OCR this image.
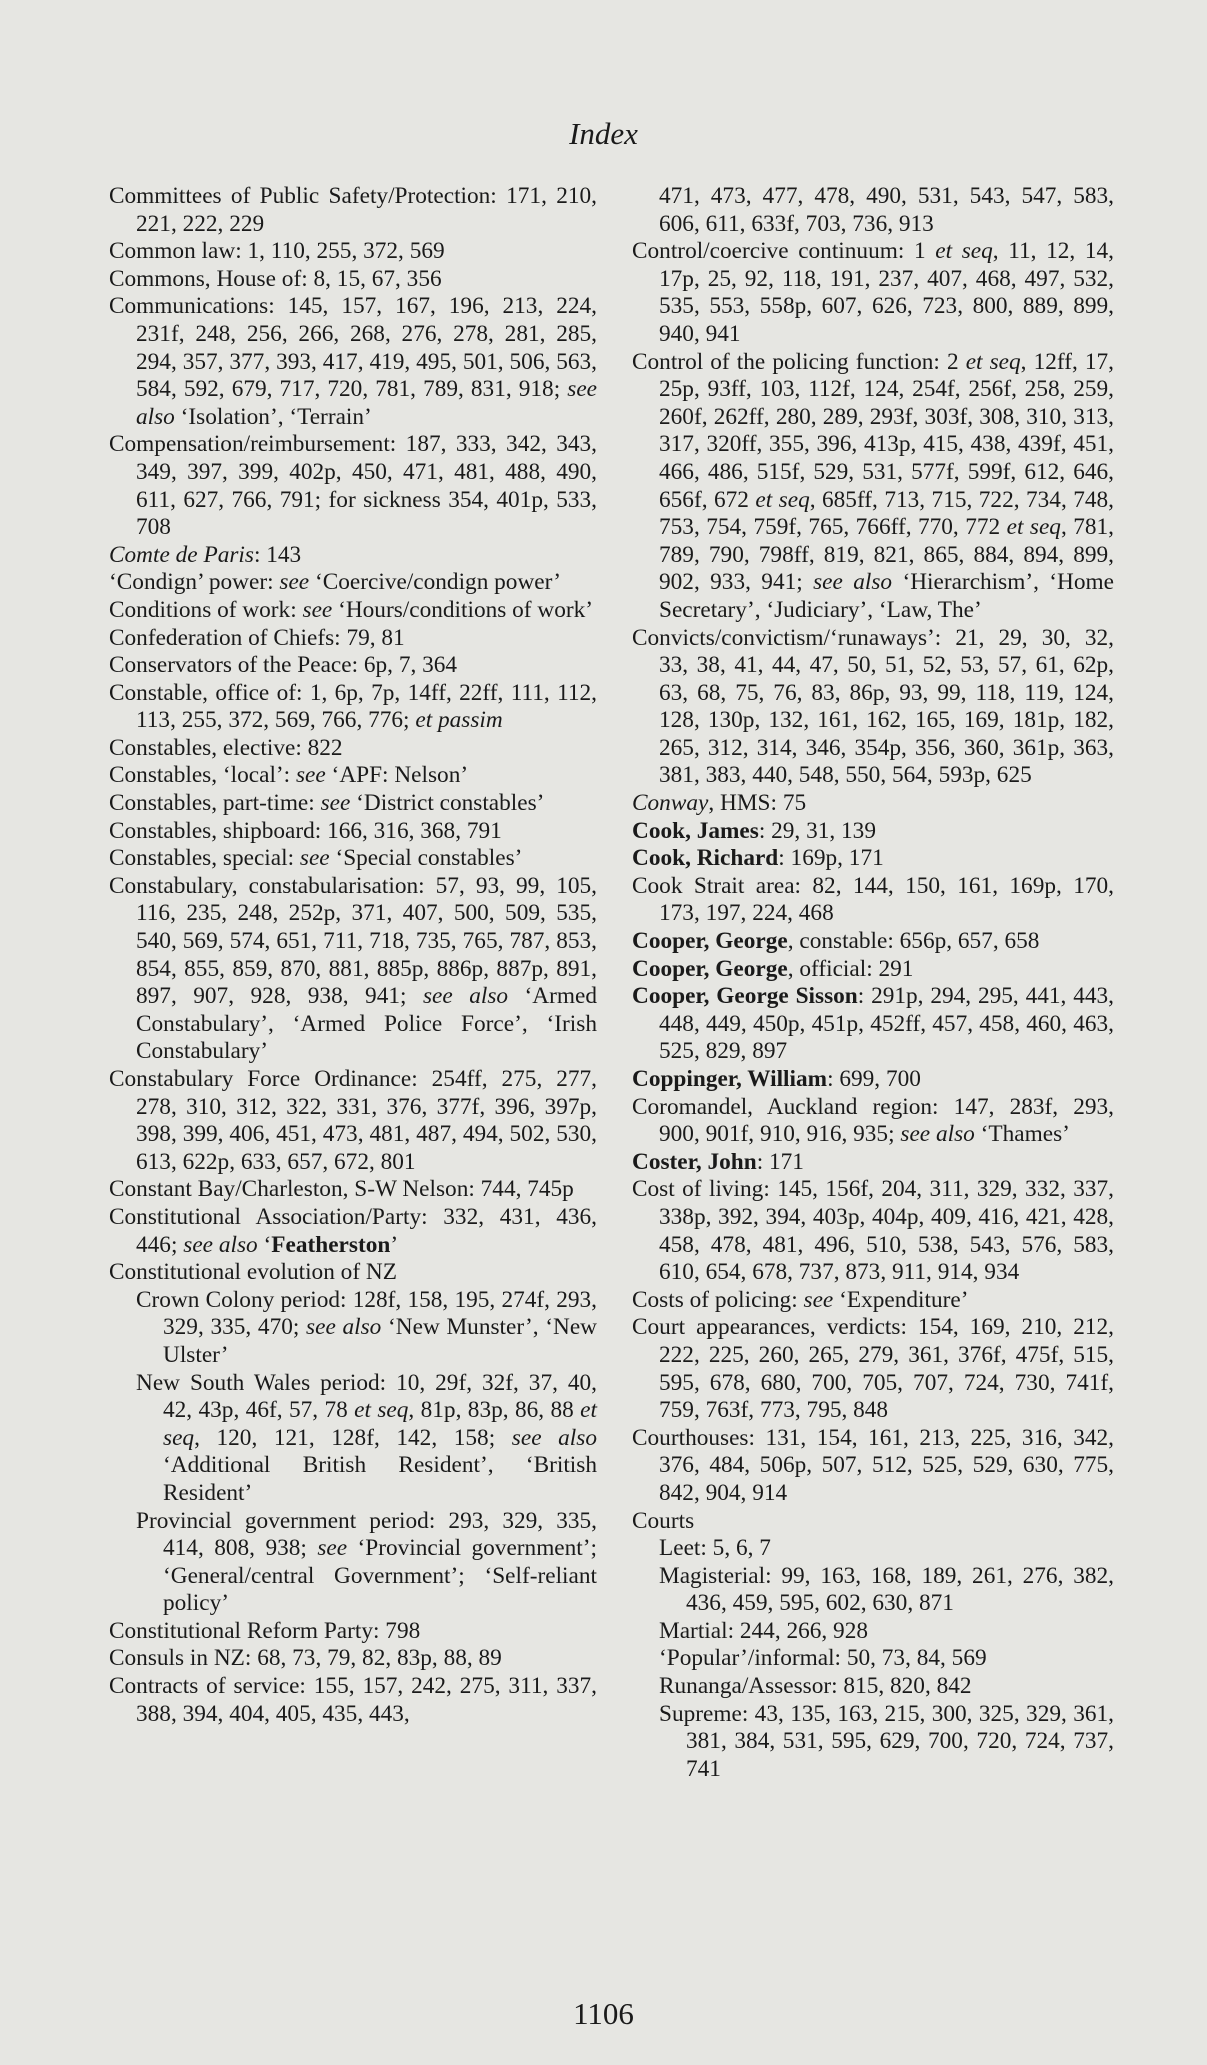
Index
Committees of Public Safety/Protection: 171, 210, 221, 222, 229
Common law: 1, 110, 255, 372, 569
Commons, House of: 8, 15, 67, 356
Communications: 145, 157, 167, 196, 213, 224, 231f, 248, 256, 266, 268, 276, 278, 281, 285, 294, 357, 377, 393, 417, 419, 495, 501, 506, 563, 584, 592, 679, 717, 720, 781, 789, 831, 918; see also ‘Isolation’, ‘Terrain’
Compensation/reimbursement: 187, 333, 342, 343, 349, 397, 399, 402p, 450, 471, 481, 488, 490, 611, 627, 766, 791; for sickness 354, 401p, 533, 708
Comte de Paris: 143
‘Condign’ power: see ‘Coercive/condign power’
Conditions of work: see ‘Hours/conditions of work’
Confederation of Chiefs: 79, 81
Conservators of the Peace: 6p, 7, 364
Constable, office of: 1, 6p, 7p, 14ff, 22ff, 111, 112, 113, 255, 372, 569, 766, 776; et passim
Constables, elective: 822
Constables, ‘local’: see ‘APF: Nelson’
Constables, part-time: see ‘District constables’
Constables, shipboard: 166, 316, 368, 791
Constables, special: see ‘Special constables’
Constabulary, constabularisation: 57, 93, 99, 105, 116, 235, 248, 252p, 371, 407, 500, 509, 535, 540, 569, 574, 651, 711, 718, 735, 765, 787, 853, 854, 855, 859, 870, 881, 885p, 886p, 887p, 891, 897, 907, 928, 938, 941; see also ‘Armed Constabulary’, ‘Armed Police Force’, ‘Irish Constabulary’
Constabulary Force Ordinance: 254ff, 275, 277, 278, 310, 312, 322, 331, 376, 377f, 396, 397p, 398, 399, 406, 451, 473, 481, 487, 494, 502, 530, 613, 622p, 633, 657, 672, 801
Constant Bay/Charleston, S-W Nelson: 744, 745p
Constitutional Association/Party: 332, 431, 436, 446; see also ‘Featherston’
Constitutional evolution of NZ
Crown Colony period: 128f, 158, 195, 274f, 293, 329, 335, 470; see also ‘New Munster’, ‘New Ulster’
New South Wales period: 10, 29f, 32f, 37, 40, 42, 43p, 46f, 57, 78 et seq, 81p, 83p, 86, 88 et seq, 120, 121, 128f, 142, 158; see also ‘Additional British Resident’, ‘British Resident’
Provincial government period: 293, 329, 335, 414, 808, 938; see ‘Provincial government’; ‘General/central Government’; ‘Self-reliant policy’
Constitutional Reform Party: 798
Consuls in NZ: 68, 73, 79, 82, 83p, 88, 89
Contracts of service: 155, 157, 242, 275, 311, 337, 388, 394, 404, 405, 435, 443,
471, 473, 477, 478, 490, 531, 543, 547, 583, 606, 611, 633f, 703, 736, 913
Control/coercive continuum: 1 et seq, 11, 12, 14, 17p, 25, 92, 118, 191, 237, 407, 468, 497, 532, 535, 553, 558p, 607, 626, 723, 800, 889, 899, 940, 941
Control of the policing function: 2 et seq, 12ff, 17, 25p, 93ff, 103, 112f, 124, 254f, 256f, 258, 259, 260f, 262ff, 280, 289, 293f, 303f, 308, 310, 313, 317, 320ff, 355, 396, 413p, 415, 438, 439f, 451, 466, 486, 515f, 529, 531, 577f, 599f, 612, 646, 656f, 672 et seq, 685ff, 713, 715, 722, 734, 748, 753, 754, 759f, 765, 766ff, 770, 772 et seq, 781, 789, 790, 798ff, 819, 821, 865, 884, 894, 899, 902, 933, 941; see also ‘Hierarchism’, ‘Home Secretary’, ‘Judiciary’, ‘Law, The’
Convicts/convictism/‘runaways’: 21, 29, 30, 32, 33, 38, 41, 44, 47, 50, 51, 52, 53, 57, 61, 62p, 63, 68, 75, 76, 83, 86p, 93, 99, 118, 119, 124, 128, 130p, 132, 161, 162, 165, 169, 181p, 182, 265, 312, 314, 346, 354p, 356, 360, 361p, 363, 381, 383, 440, 548, 550, 564, 593p, 625
Conway, HMS: 75
Cook, James: 29, 31, 139
Cook, Richard: 169p, 171
Cook Strait area: 82, 144, 150, 161, 169p, 170, 173, 197, 224, 468
Cooper, George, constable: 656p, 657, 658
Cooper, George, official: 291
Cooper, George Sisson: 291p, 294, 295, 441, 443, 448, 449, 450p, 451p, 452ff, 457, 458, 460, 463, 525, 829, 897
Coppinger, William: 699, 700
Coromandel, Auckland region: 147, 283f, 293, 900, 901f, 910, 916, 935; see also ‘Thames’
Coster, John: 171
Cost of living: 145, 156f, 204, 311, 329, 332, 337, 338p, 392, 394, 403p, 404p, 409, 416, 421, 428, 458, 478, 481, 496, 510, 538, 543, 576, 583, 610, 654, 678, 737, 873, 911, 914, 934
Costs of policing: see ‘Expenditure’
Court appearances, verdicts: 154, 169, 210, 212, 222, 225, 260, 265, 279, 361, 376f, 475f, 515, 595, 678, 680, 700, 705, 707, 724, 730, 741f, 759, 763f, 773, 795, 848
Courthouses: 131, 154, 161, 213, 225, 316, 342, 376, 484, 506p, 507, 512, 525, 529, 630, 775, 842, 904, 914
Courts
Leet: 5, 6, 7
Magisterial: 99, 163, 168, 189, 261, 276, 382, 436, 459, 595, 602, 630, 871
Martial: 244, 266, 928
‘Popular’/informal: 50, 73, 84, 569
Runanga/Assessor: 815, 820, 842
Supreme: 43, 135, 163, 215, 300, 325, 329, 361, 381, 384, 531, 595, 629, 700, 720, 724, 737, 741
1106
